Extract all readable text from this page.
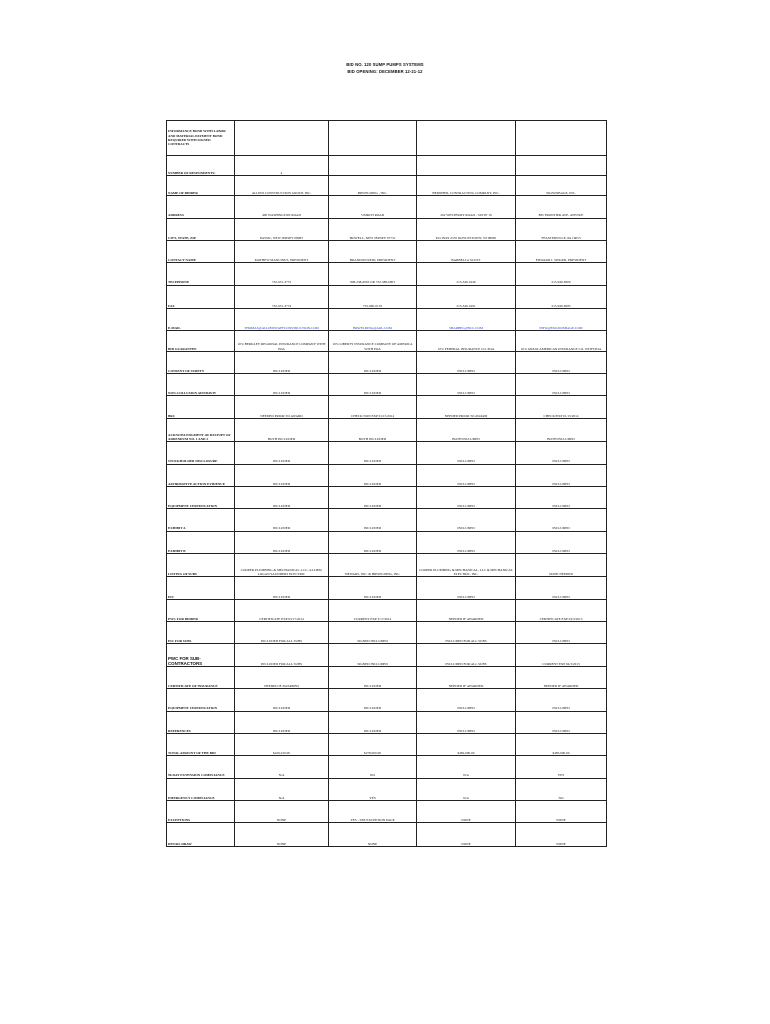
BID NO. 120 SUMP PUMPS SYSTEMS
BID OPENING: DECEMBER 12-21-12
INFORMANCE BOND WITH LABOR AND MATERIAL PAYMENT BOND REQUIRED WITH SIGNED CONTRACTS				
NUMBER OF RESPONDENTS:	4			
NAME OF BIDDER	ALLIED CONSTRUCTION GROUP, INC.	BRWELDING , INC.	BERNHEIL CONTRACTING COMPANY, INC.	SIGNOSBAGE, INC.
ADDRESS	400 WASHINGTON ROAD	5 BIRCH ROAD	202 WESTBURY ROAD - SUITE 19	885 FRONTIER AVE. AVENUE
CITY, STATE, ZIP	PASSIC, NEW JERSEY 08083	HOWELL, NEW JERSEY 07731	P.O. BOX 2535 DOYLESTOWN, NJ 08085	FEASTERVILLE, PA 19053
CONTACT NAME	MATHEW MANCINUS, PRESIDENT	BRANDON REID, PRESIDENT	BARBELLA SCOTT	EDWARD J. SINGER, PRESIDENT
TELEPHONE	732-651-3772	908-238-0003 OR 732-588-0003	215-340-1940	215-946-8300
FAX	732-651-3774	732-960-0155	215-340-1991	215-946-8285
E-MAIL	THOMAS@ALLIEDSTAFFCONSTRUCTION.COM	BRWELDING@AOL.COM	SBARBEL@BCC.COM	INFO@ESIGNOSBAGE.COM
BID GUARANTEE	10% BERKLEY REGIONAL INSURANCE COMPANY WITH POA	10% LIBERTY INSURANCE COMPANY OF AMERICA WITH POA	10% FEDERAL INSURANCE CO. POA	10% GREAT AMERICAN INSURANCE CO. WITH POA
CONSENT OF SURETY	INCLUDED	INCLUDED	INCLUDED	INCLUDED
NON-COLLUSION AFFIDAVIT	INCLUDED	INCLUDED	INCLUDED	INCLUDED
BRC	NEEDED PRIOR TO AWARD	CHECK NON EXP 01/15/2014	NEEDED PRIOR TO AWARD	CHECK/EXP 01/15/2014
ACKNOWLEDGMENT OF RECEIPT OF ADDENDUM NO. 1 AND 2	BOTH INCLUDED	BOTH INCLUDED	BOTH INCLUDED	BOTH INCLUDED
STOCKHOLDER DISCLOSURE	INCLUDED	INCLUDED	INCLUDED	INCLUDED
AFFIRMATIVE ACTION EVIDENCE	INCLUDED	INCLUDED	INCLUDED	INCLUDED
EQUIPMENT CERTIFICATION	INCLUDED	INCLUDED	INCLUDED	INCLUDED
EXHIBIT A	INCLUDED	INCLUDED	INCLUDED	INCLUDED
EXHIBIT B	INCLUDED	INCLUDED	INCLUDED	INCLUDED
LISTING OF SUBS	COOPER PLUMBING & MECHANICAL, LLC, ALLIED, LOGAN SAUNDERS ELECTRIC	SIEWARS, INC. & BRWELDING, INC.	COOPER PLUMBING & MECHANICAL, LLC & MECHANICAL ELECTRIC, INC.	NONE NEEDED
EIC	INCLUDED	INCLUDED	INCLUDED	INCLUDED
PWC FOR BIDDER	CERTIFICATE EXP 03/17/2014	CURRENT EXP 3/17/2014	NEEDED IF AWARDED	CERTIFICATE EXP 04/3/2013
EIC FOR SUBS	INCLUDED FOR ALL SUBS	SIGNED INCLUDED	INCLUDED FOR ALL SUBS	INCLUDED
PWC FOR SUB-CONTRACTORS	INCLUDED FOR ALL SUBS	SIGNED INCLUDED	INCLUDED FOR ALL SUBS	CURRENT EXP 04/3/2013
CERTIFICATE OF INSURANCE	NEEDED IF AWARDED	INCLUDED	NEEDED IF AWARDED	NEEDED IF AWARDED
EQUIPMENT CERTIFICATION	INCLUDED	INCLUDED	INCLUDED	INCLUDED
REFERENCES	INCLUDED	INCLUDED	INCLUDED	INCLUDED
TOTAL AMOUNT OF THE BID	$226,250.00	$278,000.00	$482,000.00	$485,000.00
90-DAY EXTENSION COMPLIANCE	N/A	NO	N/A	YES
EMERGENCY COMPLIANCE	N/A	YES	N/A	NO
EXCEPTIONS	NONE	YES - SEE EXCEPTION PAGE	NONE	NONE
DETAIL DRAW	NONE	NONE	NONE	NONE
